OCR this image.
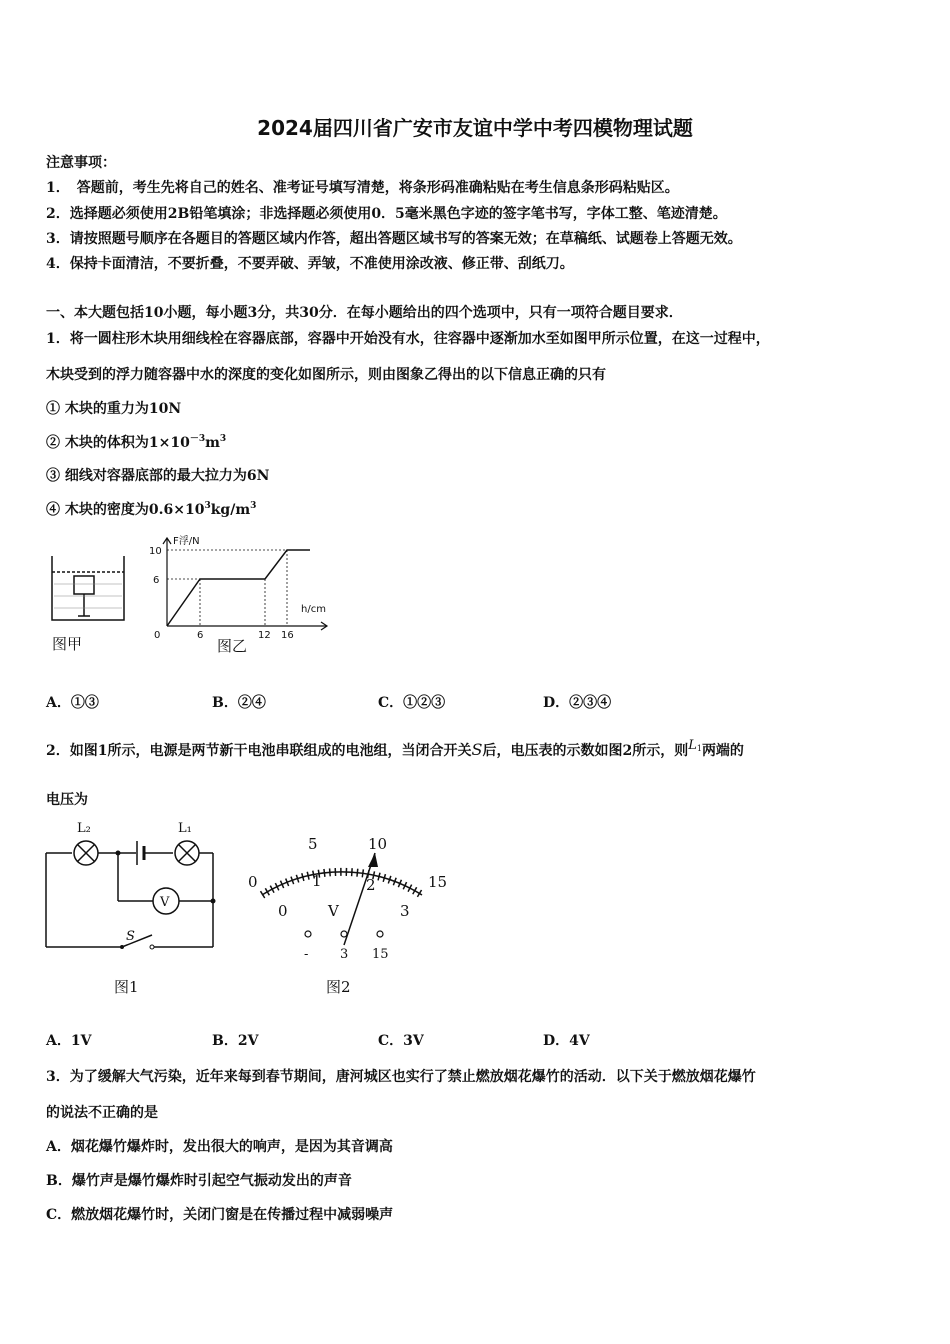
2024届四川省广安市友谊中学中考四模物理试题
注意事项：
1．　答题前，考生先将自己的姓名、准考证号填写清楚，将条形码准确粘贴在考生信息条形码粘贴区。
2．选择题必须使用2B铅笔填涂；非选择题必须使用0．5毫米黑色字迹的签字笔书写，字体工整、笔迹清楚。
3．请按照题号顺序在各题目的答题区域内作答，超出答题区域书写的答案无效；在草稿纸、试题卷上答题无效。
4．保持卡面清洁，不要折叠，不要弄破、弄皱，不准使用涂改液、修正带、刮纸刀。
一、本大题包括10小题，每小题3分，共30分．在每小题给出的四个选项中，只有一项符合题目要求．
1．将一圆柱形木块用细线栓在容器底部，容器中开始没有水，往容器中逐渐加水至如图甲所示位置，在这一过程中，
木块受到的浮力随容器中水的深度的变化如图所示，则由图象乙得出的以下信息正确的只有
① 木块的重力为10N
② 木块的体积为$1\times 10^{-3}m^3$
③ 细线对容器底部的最大拉力为6N
④ 木块的密度为$0.6\times 10^3kg/m^3$
图甲
F浮/N
h/cm
10
6
0	6	12 16
图乙
A．①③	B．②④	C．①②③	D．②③④
2．如图1所示，电源是两节新干电池串联组成的电池组，当闭合开关S后，电压表的示数如图2所示，则$L^1$两端的
电压为
L₂	L₁
V
S
图1
0
5	10
15
0
1	2
3
V
- 3 15
图2
A．1V	B．2V	C．3V	D．4V
3．为了缓解大气污染，近年来每到春节期间，唐河城区也实行了禁止燃放烟花爆竹的活动．以下关于燃放烟花爆竹
的说法不正确的是
A．烟花爆竹爆炸时，发出很大的响声，是因为其音调高
B．爆竹声是爆竹爆炸时引起空气振动发出的声音
C．燃放烟花爆竹时，关闭门窗是在传播过程中减弱噪声
